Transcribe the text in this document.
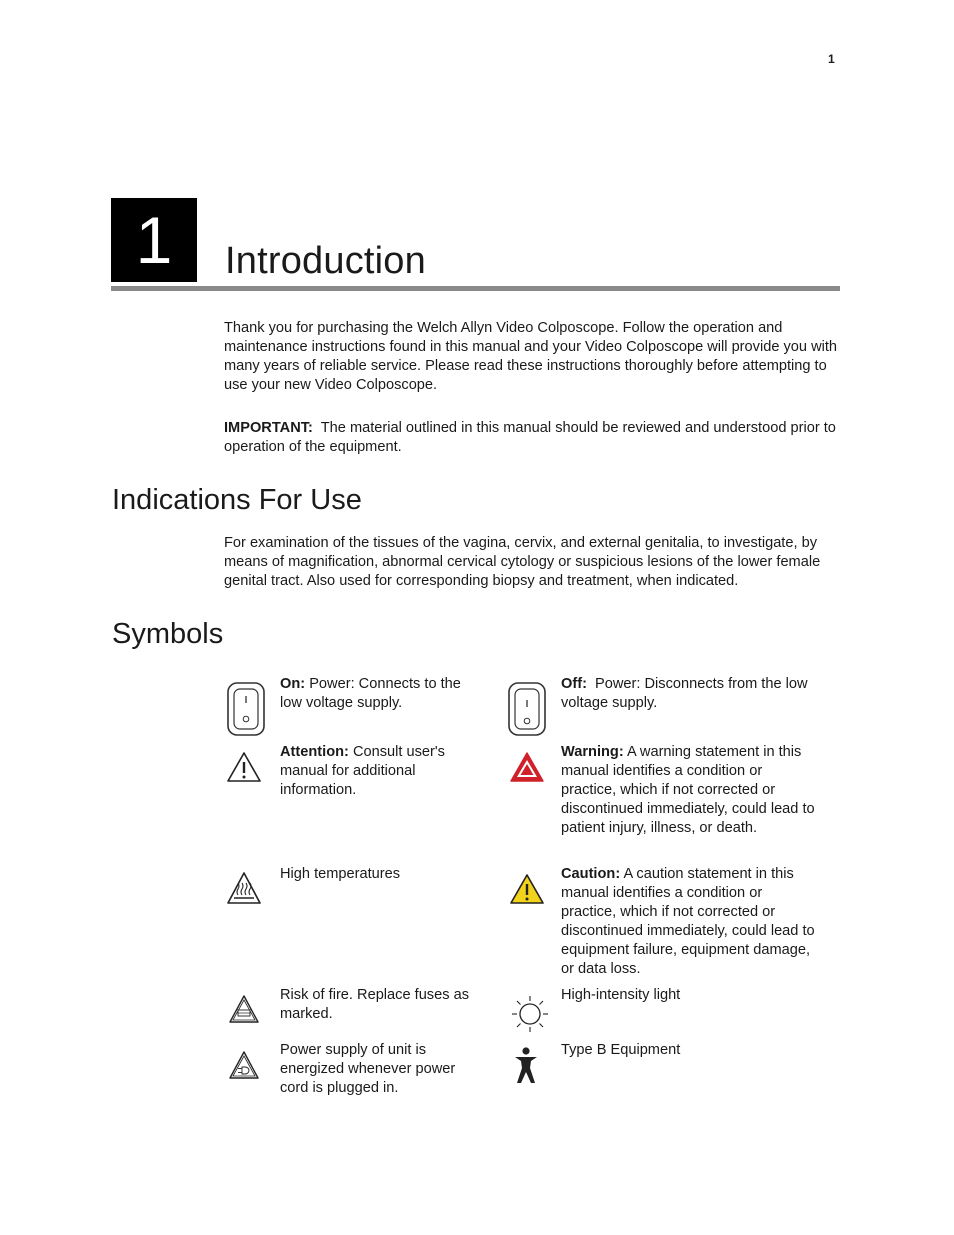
1
1	Introduction

Thank you for purchasing the Welch Allyn Video Colposcope. Follow the operation and maintenance instructions found in this manual and your Video Colposcope will provide you with many years of reliable service. Please read these instructions thoroughly before attempting to use your new Video Colposcope.

IMPORTANT: The material outlined in this manual should be reviewed and understood prior to operation of the equipment.

Indications For Use

For examination of the tissues of the vagina, cervix, and external genitalia, to investigate, by means of magnification, abnormal cervical cytology or suspicious lesions of the lower female genital tract. Also used for corresponding biopsy and treatment, when indicated.

Symbols

On: Power: Connects to the low voltage supply.

Off: Power: Disconnects from the low voltage supply.

Attention: Consult user's manual for additional information.

Warning: A warning statement in this manual identifies a condition or practice, which if not corrected or discontinued immediately, could lead to patient injury, illness, or death.

High temperatures	Caution: A caution statement in this manual identifies a condition or practice, which if not corrected or discontinued immediately, could lead to equipment failure, equipment damage, or data loss.

Risk of fire. Replace fuses as marked.

High-intensity light

Power supply of unit is energized whenever power cord is plugged in.

Type B Equipment
